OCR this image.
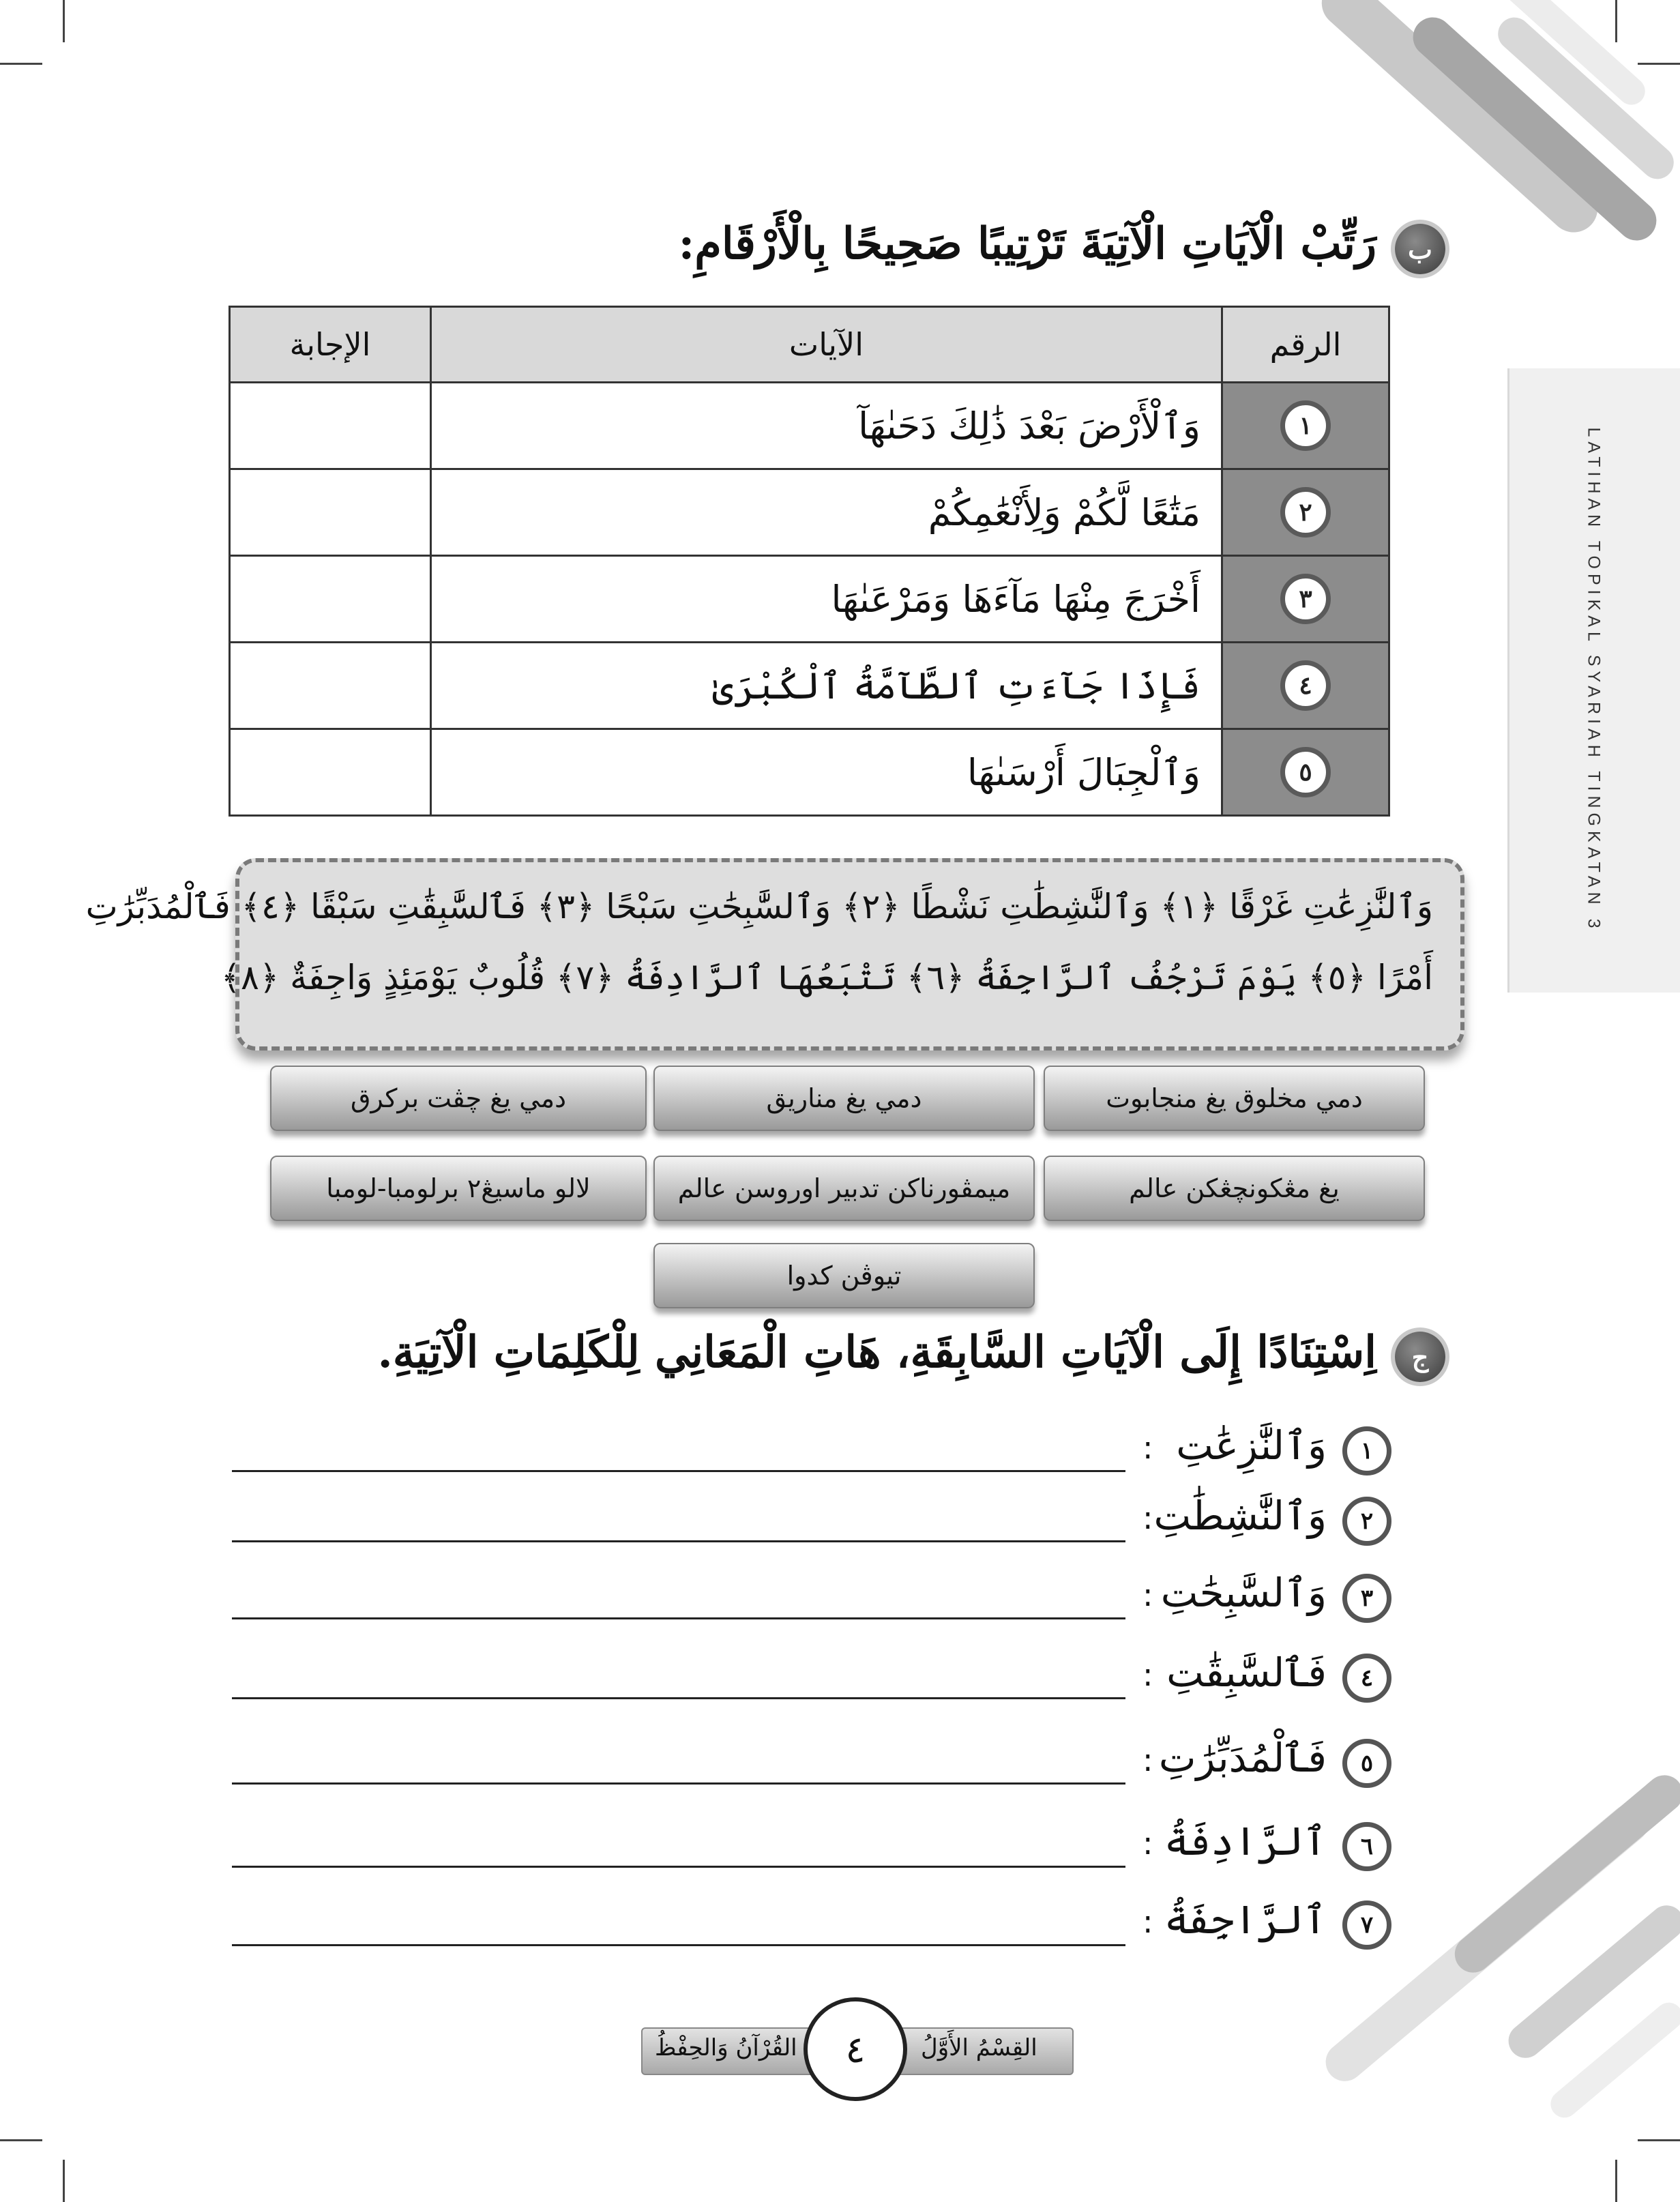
LATIHAN TOPIKAL SYARIAH TINGKATAN 3
ب
رَتِّبْ الْآيَاتِ الْآتِيَةَ تَرْتِيبًا صَحِيحًا بِالْأَرْقَامِ:
الإجابة	الآيات	الرقم
	وَٱلْأَرْضَ بَعْدَ ذَٰلِكَ دَحَىٰهَآ	١
	مَتَٰعًا لَّكُمْ وَلِأَنْعَٰمِكُمْ	٢
	أَخْرَجَ مِنْهَا مَآءَهَا وَمَرْعَىٰهَا	٣
	فَإِذَا جَآءَتِ ٱلطَّآمَّةُ ٱلْكُبْرَىٰ	٤
	وَٱلْجِبَالَ أَرْسَىٰهَا	٥
وَٱلنَّٰزِعَٰتِ غَرْقًا ﴿١﴾ وَٱلنَّٰشِطَٰتِ نَشْطًا ﴿٢﴾ وَٱلسَّٰبِحَٰتِ سَبْحًا ﴿٣﴾ فَٱلسَّٰبِقَٰتِ سَبْقًا ﴿٤﴾ فَٱلْمُدَبِّرَٰتِ
أَمْرًا ﴿٥﴾ يَوْمَ تَرْجُفُ ٱلرَّاجِفَةُ ﴿٦﴾ تَتْبَعُهَا ٱلرَّادِفَةُ ﴿٧﴾ قُلُوبٌ يَوْمَئِذٍ وَاجِفَةٌ ﴿٨﴾
دمي مخلوق يغ منجابوت
دمي يغ مناريق
دمي يغ چڤت بركرق
يغ مڠكونچڠكن عالم
ميمڤورناكن تدبير اوروسن عالم
لالو ماسيڠ٢ برلومبا-لومبا
تيوڤن كدوا
ج
اِسْتِنَادًا إِلَى الْآيَاتِ السَّابِقَةِ، هَاتِ الْمَعَانِي لِلْكَلِمَاتِ الْآتِيَةِ.
: وَٱلنَّٰزِعَٰتِ	١
: وَٱلنَّٰشِطَٰتِ	٢
: وَٱلسَّٰبِحَٰتِ	٣
: فَٱلسَّٰبِقَٰتِ	٤
: فَٱلْمُدَبِّرَٰتِ	٥
: ٱلرَّادِفَةُ	٦
: ٱلرَّاجِفَةُ	٧
القِسْمُ الأَوَّلُ
القُرْآنُ وَالحِفْظُ	٤
